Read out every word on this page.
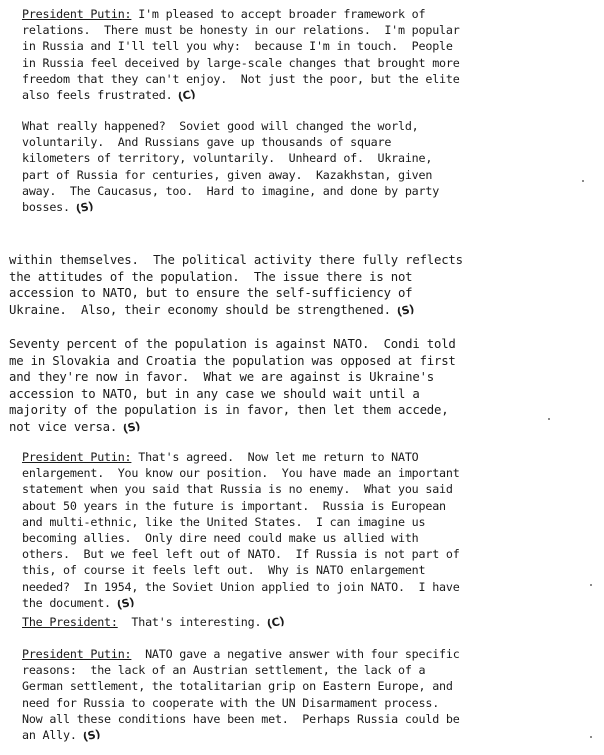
President Putin: I'm pleased to accept broader framework of
relations.  There must be honesty in our relations.  I'm popular
in Russia and I'll tell you why:  because I'm in touch.  People
in Russia feel deceived by large-scale changes that brought more
freedom that they can't enjoy.  Not just the poor, but the elite
also feels frustrated. (C)
What really happened?  Soviet good will changed the world,
voluntarily.  And Russians gave up thousands of square
kilometers of territory, voluntarily.  Unheard of.  Ukraine,
part of Russia for centuries, given away.  Kazakhstan, given
away.  The Caucasus, too.  Hard to imagine, and done by party
bosses. (S)
within themselves.  The political activity there fully reflects
the attitudes of the population.  The issue there is not
accession to NATO, but to ensure the self-sufficiency of
Ukraine.  Also, their economy should be strengthened. (S)
Seventy percent of the population is against NATO.  Condi told
me in Slovakia and Croatia the population was opposed at first
and they're now in favor.  What we are against is Ukraine's
accession to NATO, but in any case we should wait until a
majority of the population is in favor, then let them accede,
not vice versa. (S)
President Putin: That's agreed.  Now let me return to NATO
enlargement.  You know our position.  You have made an important
statement when you said that Russia is no enemy.  What you said
about 50 years in the future is important.  Russia is European
and multi-ethnic, like the United States.  I can imagine us
becoming allies.  Only dire need could make us allied with
others.  But we feel left out of NATO.  If Russia is not part of
this, of course it feels left out.  Why is NATO enlargement
needed?  In 1954, the Soviet Union applied to join NATO.  I have
the document. (S)
The President:  That's interesting. (C)
President Putin:  NATO gave a negative answer with four specific
reasons:  the lack of an Austrian settlement, the lack of a
German settlement, the totalitarian grip on Eastern Europe, and
need for Russia to cooperate with the UN Disarmament process.
Now all these conditions have been met.  Perhaps Russia could be
an Ally. (S)
